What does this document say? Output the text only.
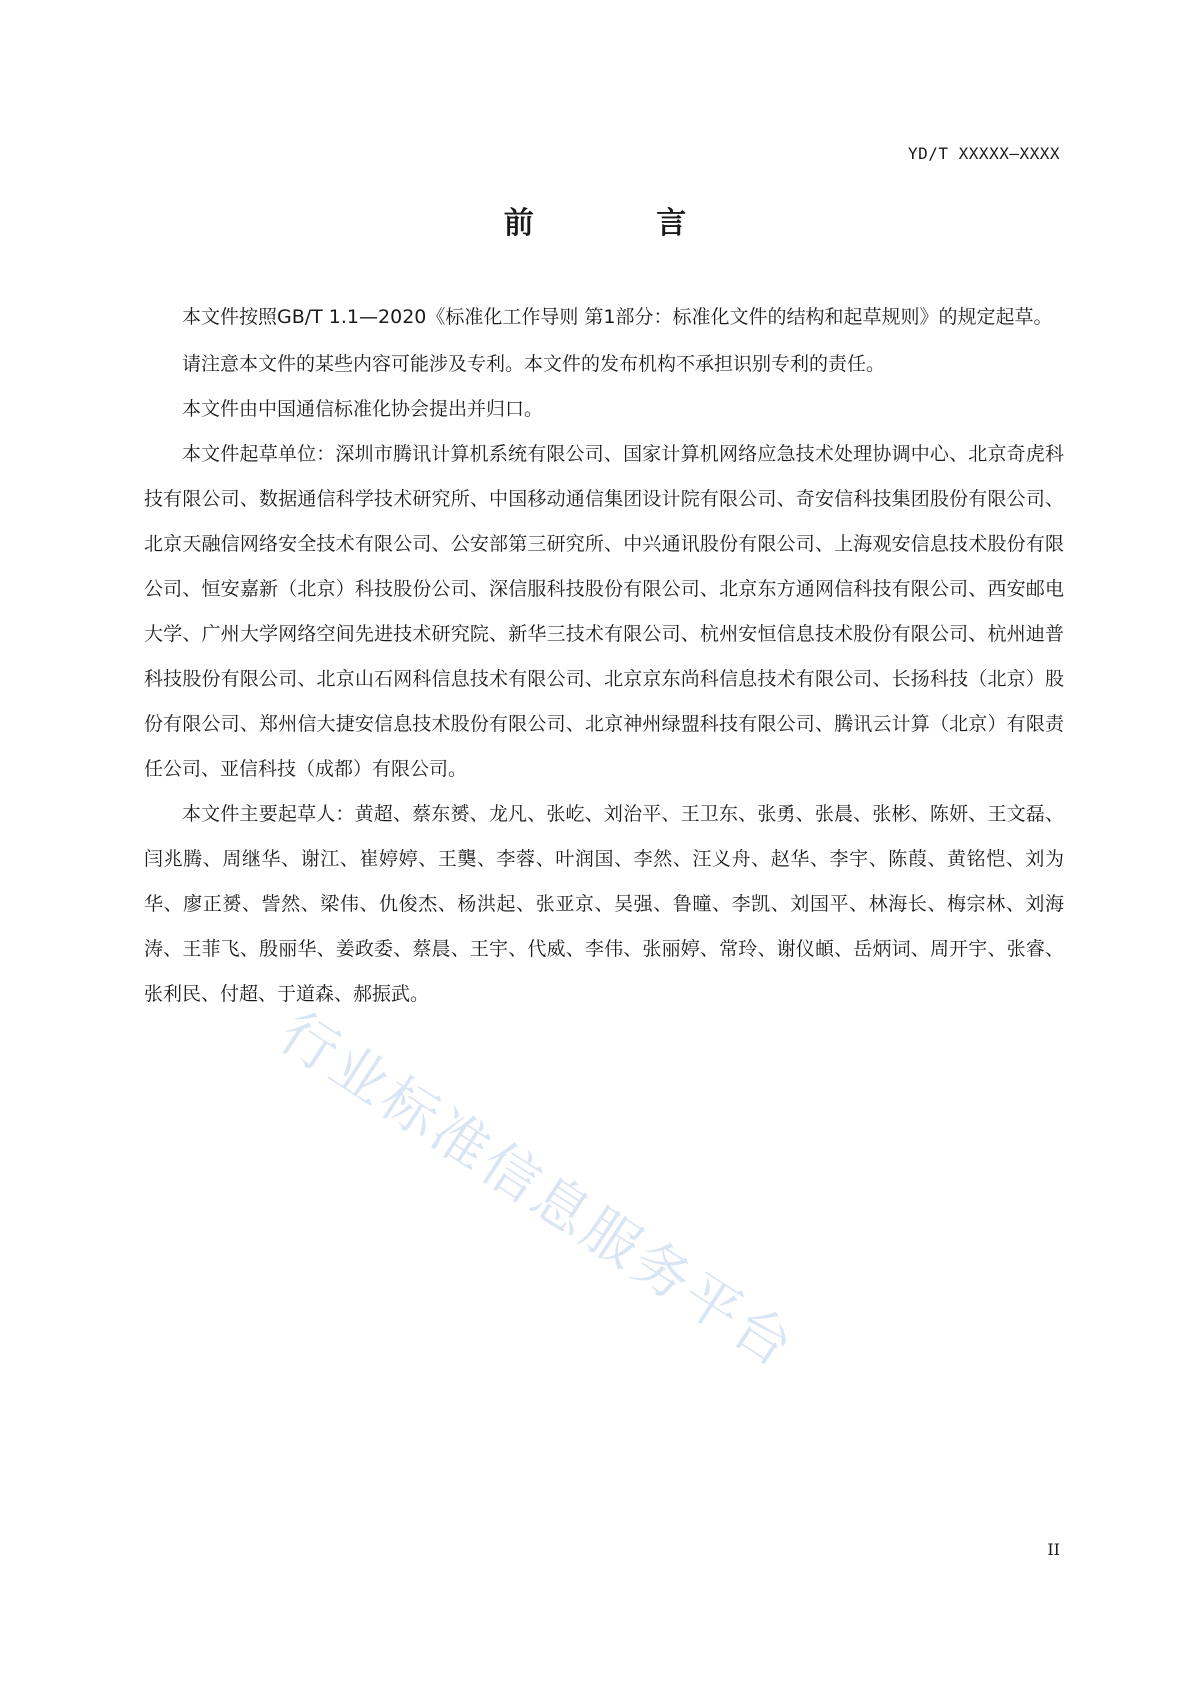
YD/T XXXXX—XXXX
前 言

本文件按照GB/T 1.1—2020《标准化工作导则 第1部分：标准化文件的结构和起草规则》的规定起草。

请注意本文件的某些内容可能涉及专利。本文件的发布机构不承担识别专利的责任。

本文件由中国通信标准化协会提出并归口。

本文件起草单位：深圳市腾讯计算机系统有限公司、国家计算机网络应急技术处理协调中心、北京奇虎科技有限公司、数据通信科学技术研究所、中国移动通信集团设计院有限公司、奇安信科技集团股份有限公司、北京天融信网络安全技术有限公司、公安部第三研究所、中兴通讯股份有限公司、上海观安信息技术股份有限公司、恒安嘉新（北京）科技股份公司、深信服科技股份有限公司、北京东方通网信科技有限公司、西安邮电大学、广州大学网络空间先进技术研究院、新华三技术有限公司、杭州安恒信息技术股份有限公司、杭州迪普科技股份有限公司、北京山石网科信息技术有限公司、北京京东尚科信息技术有限公司、长扬科技（北京）股份有限公司、郑州信大捷安信息技术股份有限公司、北京神州绿盟科技有限公司、腾讯云计算（北京）有限责任公司、亚信科技（成都）有限公司。

本文件主要起草人：黄超、蔡东赟、龙凡、张屹、刘治平、王卫东、张勇、张晨、张彬、陈妍、王文磊、闫兆腾、周继华、谢江、崔婷婷、王龑、李蓉、叶润国、李然、汪义舟、赵华、李宇、陈葭、黄铭恺、刘为华、廖正赟、訾然、梁伟、仇俊杰、杨洪起、张亚京、吴强、鲁曈、李凯、刘国平、林海长、梅宗林、刘海涛、王菲飞、殷丽华、姜政委、蔡晨、王宇、代威、李伟、张丽婷、常玲、谢仪頔、岳炳词、周开宇、张睿、张利民、付超、于道森、郝振武。

行业标准信息服务平台
II
